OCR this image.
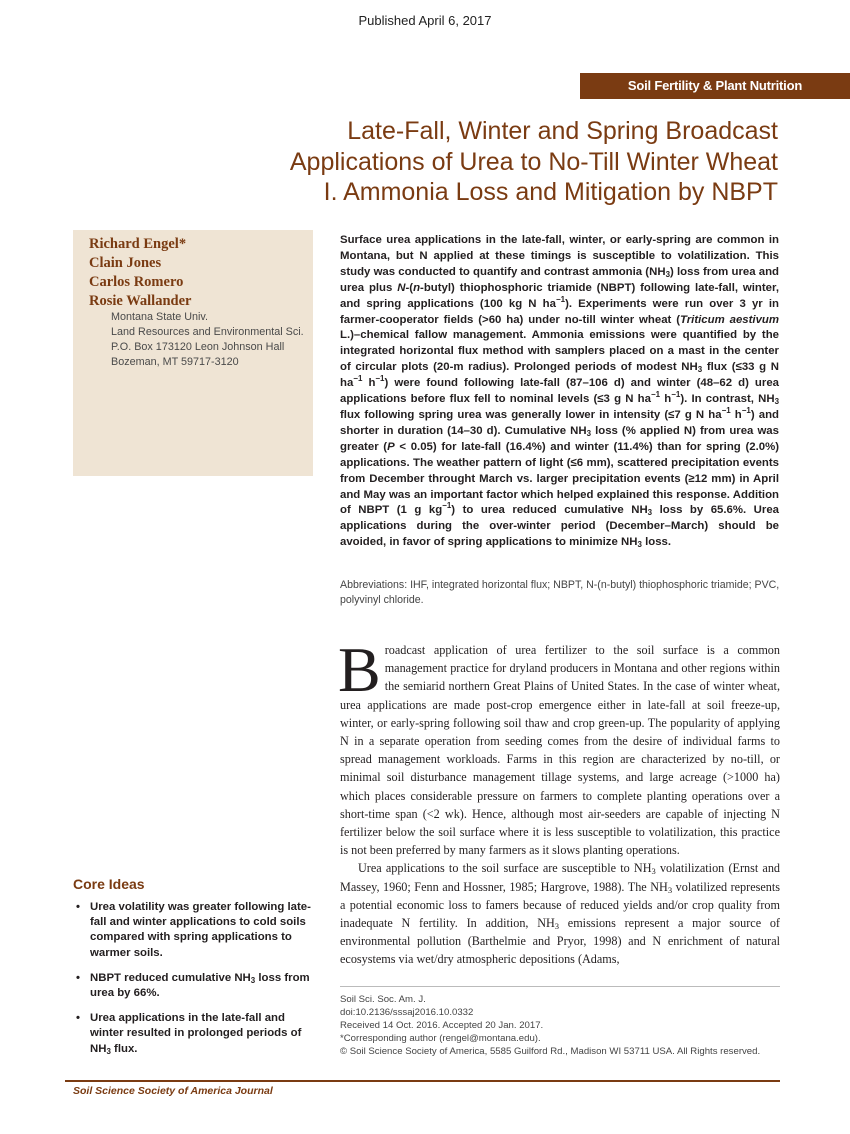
Published April 6, 2017
Soil Fertility & Plant Nutrition
Late-Fall, Winter and Spring Broadcast
Applications of Urea to No-Till Winter Wheat
I. Ammonia Loss and Mitigation by NBPT
Richard Engel*
Clain Jones
Carlos Romero
Rosie Wallander
Montana State Univ.
Land Resources and Environmental Sci.
P.O. Box 173120 Leon Johnson Hall
Bozeman, MT 59717-3120
Surface urea applications in the late-fall, winter, or early-spring are common in Montana, but N applied at these timings is susceptible to volatilization. This study was conducted to quantify and contrast ammonia $(NH_3)$ loss from urea and urea plus N-(n-butyl) thiophosphoric triamide (NBPT) following late-fall, winter, and spring applications (100 kg N $ha^{-1}$). Experiments were run over 3 yr in farmer-cooperator fields (>60 ha) under no-till winter wheat (Triticum aestivum L.)–chemical fallow management. Ammonia emissions were quantified by the integrated horizontal flux method with samplers placed on a mast in the center of circular plots (20-m radius). Prolonged periods of modest $NH_3$ flux (≤33 g N $ha^{-1}$ $h^{-1}$) were found following late-fall (87–106 d) and winter (48–62 d) urea applications before flux fell to nominal levels (≤3 g N $ha^{-1}$ $h^{-1}$). In contrast, $NH_3$ flux following spring urea was generally lower in intensity (≤7 g N $ha^{-1}$ $h^{-1}$) and shorter in duration (14–30 d). Cumulative $NH_3$ loss (% applied N) from urea was greater (P < 0.05) for late-fall (16.4%) and winter (11.4%) than for spring (2.0%) applications. The weather pattern of light (≤6 mm), scattered precipitation events from December throught March vs. larger precipitation events (≥12 mm) in April and May was an important factor which helped explained this response. Addition of NBPT (1 g $kg^{-1}$) to urea reduced cumulative $NH_3$ loss by 65.6%. Urea applications during the over-winter period (December–March) should be avoided, in favor of spring applications to minimize $NH_3$ loss.
Abbreviations: IHF, integrated horizontal flux; NBPT, N-(n-butyl) thiophosphoric triamide; PVC, polyvinyl chloride.

Broadcast application of urea fertilizer to the soil surface is a common management practice for dryland producers in Montana and other regions within the semiarid northern Great Plains of United States. In the case of winter wheat, urea applications are made post-crop emergence either in late-fall at soil freeze-up, winter, or early-spring following soil thaw and crop green-up. The popularity of applying N in a separate operation from seeding comes from the desire of individual farms to spread management workloads. Farms in this region are characterized by no-till, or minimal soil disturbance management tillage systems, and large acreage (>1000 ha) which places considerable pressure on farmers to complete planting operations over a short-time span (<2 wk). Hence, although most air-seeders are capable of injecting N fertilizer below the soil surface where it is less susceptible to volatilization, this practice is not been preferred by many farmers as it slows planting operations.

Urea applications to the soil surface are susceptible to $NH_3$ volatilization (Ernst and Massey, 1960; Fenn and Hossner, 1985; Hargrove, 1988). The $NH_3$ volatilized represents a potential economic loss to famers because of reduced yields and/or crop quality from inadequate N fertility. In addition, $NH_3$ emissions represent a major source of environmental pollution (Barthelmie and Pryor, 1998) and N enrichment of natural ecosystems via wet/dry atmospheric depositions (Adams,

Soil Sci. Soc. Am. J.
doi:10.2136/sssaj2016.10.0332
Received 14 Oct. 2016. Accepted 20 Jan. 2017.
*Corresponding author (rengel@montana.edu).
© Soil Science Society of America, 5585 Guilford Rd., Madison WI 53711 USA. All Rights reserved.
Core Ideas
• Urea volatility was greater following late-fall and winter applications to cold soils compared with spring applications to warmer soils.
• NBPT reduced cumulative $NH_3$ loss from urea by 66%.
• Urea applications in the late-fall and winter resulted in prolonged periods of $NH_3$ flux.
Soil Science Society of America Journal
